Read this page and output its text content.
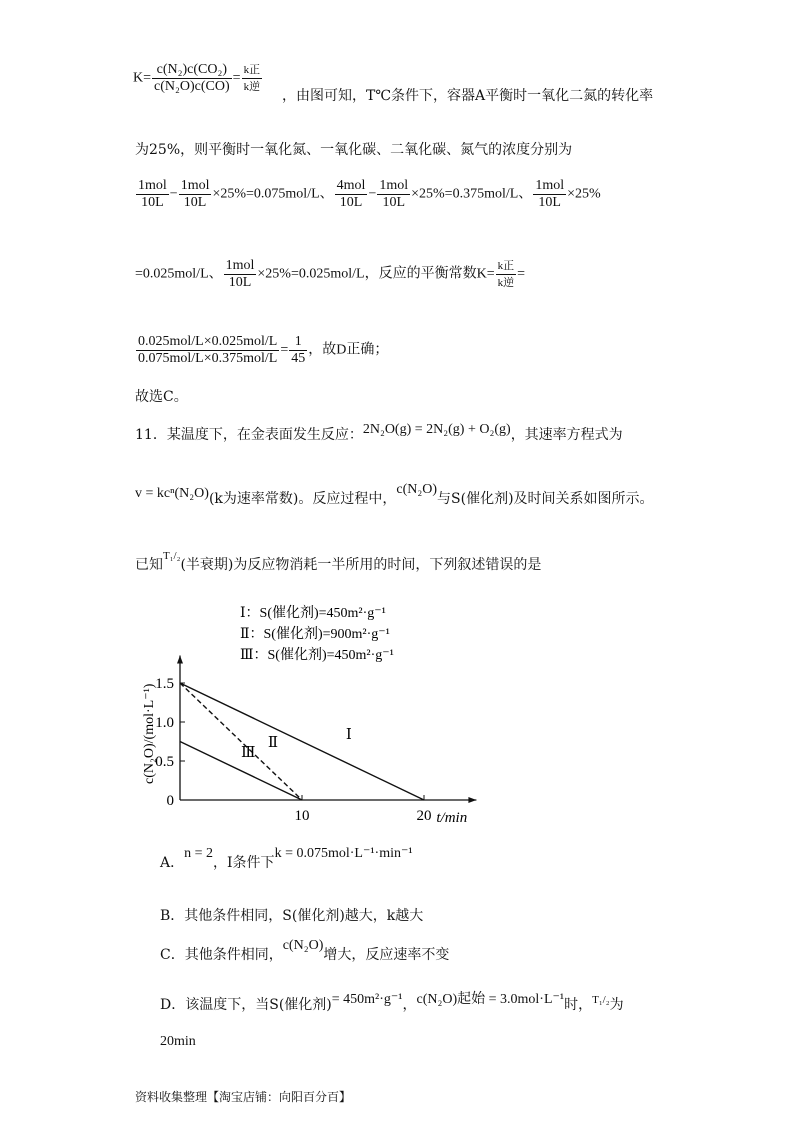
$K= \frac{\text{c(N₂)c(CO₂)}}{\text{c(N₂O)c(CO)}} = \frac{\text{k正}}{\text{k逆}}$
，由图可知，T℃条件下，容器A平衡时一氧化二氮的转化率
为25%，则平衡时一氧化氮、一氧化碳、二氧化碳、氮气的浓度分别为
$\frac{\text{1mol}}{10L} - \frac{\text{1mol}}{10L} \times 25\%=0.075mol/L$、 $\frac{\text{4mol}}{10L} - \frac{\text{1mol}}{10L} \times 25\%=0.375mol/L$、 $\frac{\text{1mol}}{10L} \times 25\%$
=0.025mol/L、 $\frac{\text{1mol}}{10L} \times 25\%=0.025mol/L$，反应的平衡常数$K= \frac{\text{k正}}{\text{k逆}}$ =
$\frac{\text{0.025mol/L×0.025mol/L}}{\text{0.075mol/L×0.375mol/L}} = \frac{1}{45}$ ，故D正确；
故选C。
11．某温度下，在金表面发生反应：2N₂O(g) = 2N₂(g) + O₂(g)，其速率方程式为
v = kcⁿ(N₂O)(k为速率常数)。反应过程中，c(N₂O)与S(催化剂)及时间关系如图所示。
已知$^{T_1/_2}$(半衰期)为反应物消耗一半所用的时间，下列叙述错误的是
0
0.5
1.0
1.5
10	20 t/min
c(N₂O)/(mol·L⁻¹)	Ⅰ
Ⅱ
Ⅲ
Ⅰ：S(催化剂)=450m²·g⁻¹
Ⅱ：S(催化剂)=900m²·g⁻¹
Ⅲ：S(催化剂)=450m²·g⁻¹
A．n = 2，Ⅰ条件下k = 0.075mol·L⁻¹·min⁻¹
B．其他条件相同，S(催化剂)越大，k越大
C．其他条件相同，c(N₂O)增大，反应速率不变
D．该温度下，当S(催化剂)= 450m²·g⁻¹，c(N₂O)起始 = 3.0mol·L⁻¹时，$^{T_1/_2}$为
20min
资料收集整理【淘宝店铺：向阳百分百】
